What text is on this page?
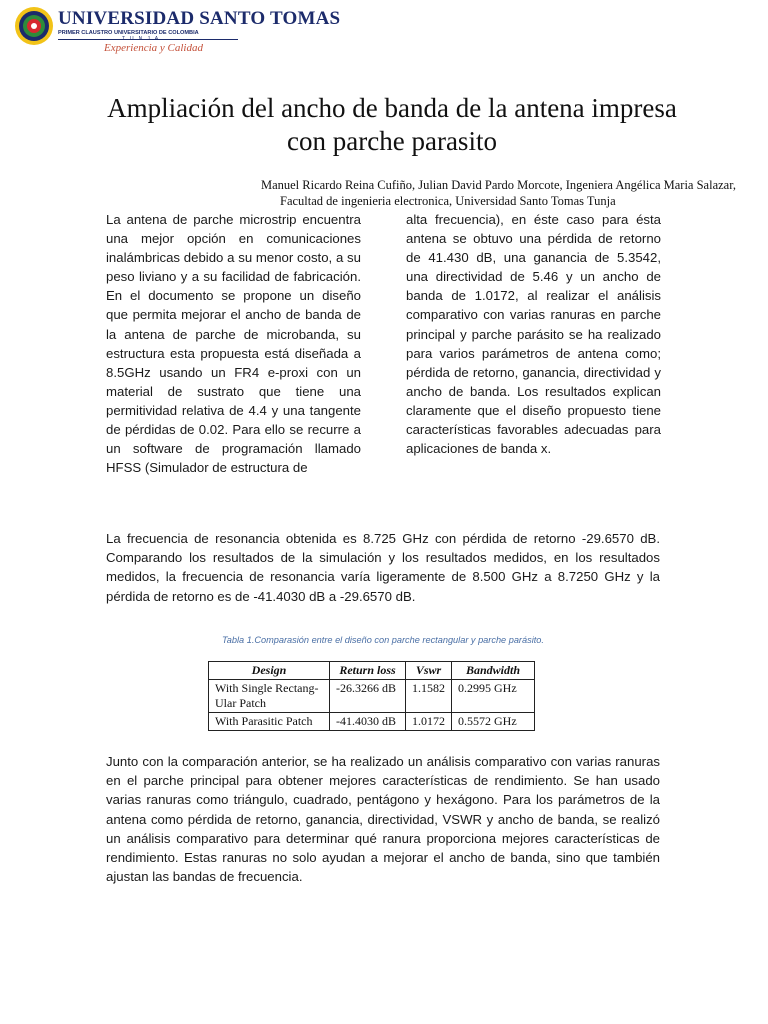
UNIVERSIDAD SANTO TOMAS
PRIMER CLAUSTRO UNIVERSITARIO DE COLOMBIA
TUNJA
Experiencia y Calidad
Ampliación del ancho de banda de la antena impresa con parche parasito

Manuel Ricardo Reina Cufiño, Julian David Pardo Morcote, Ingeniera Angélica Maria Salazar,

Facultad de ingenieria electronica, Universidad Santo Tomas Tunja

La antena de parche microstrip encuentra una mejor opción en comunicaciones inalámbricas debido a su menor costo, a su peso liviano y a su facilidad de fabricación. En el documento se propone un diseño que permita mejorar el ancho de banda de la antena de parche de microbanda, su estructura esta propuesta está diseñada a 8.5GHz usando un FR4 e-proxi con un material de sustrato que tiene una permitividad relativa de 4.4 y una tangente de pérdidas de 0.02. Para ello se recurre a un software de programación llamado HFSS (Simulador de estructura de

alta frecuencia), en éste caso para ésta antena se obtuvo una pérdida de retorno de 41.430 dB, una ganancia de 5.3542, una directividad de 5.46 y un ancho de banda de 1.0172, al realizar el análisis comparativo con varias ranuras en parche principal y parche parásito se ha realizado para varios parámetros de antena como; pérdida de retorno, ganancia, directividad y ancho de banda. Los resultados explican claramente que el diseño propuesto tiene características favorables adecuadas para aplicaciones de banda x.

La frecuencia de resonancia obtenida es 8.725 GHz con pérdida de retorno -29.6570 dB. Comparando los resultados de la simulación y los resultados medidos, en los resultados medidos, la frecuencia de resonancia varía ligeramente de 8.500 GHz a 8.7250 GHz y la pérdida de retorno es de -41.4030 dB a -29.6570 dB.

Tabla 1.Comparasión entre el diseño con parche rectangular y parche parásito.

Design	Return loss	Vswr	Bandwidth
With Single Rectang-Ular Patch	-26.3266 dB	1.1582	0.2995 GHz
With Parasitic Patch	-41.4030 dB	1.0172	0.5572 GHz

Junto con la comparación anterior, se ha realizado un análisis comparativo con varias ranuras en el parche principal para obtener mejores características de rendimiento. Se han usado varias ranuras como triángulo, cuadrado, pentágono y hexágono. Para los parámetros de la antena como pérdida de retorno, ganancia, directividad, VSWR y ancho de banda, se realizó un análisis comparativo para determinar qué ranura proporciona mejores características de rendimiento. Estas ranuras no solo ayudan a mejorar el ancho de banda, sino que también ajustan las bandas de frecuencia.
